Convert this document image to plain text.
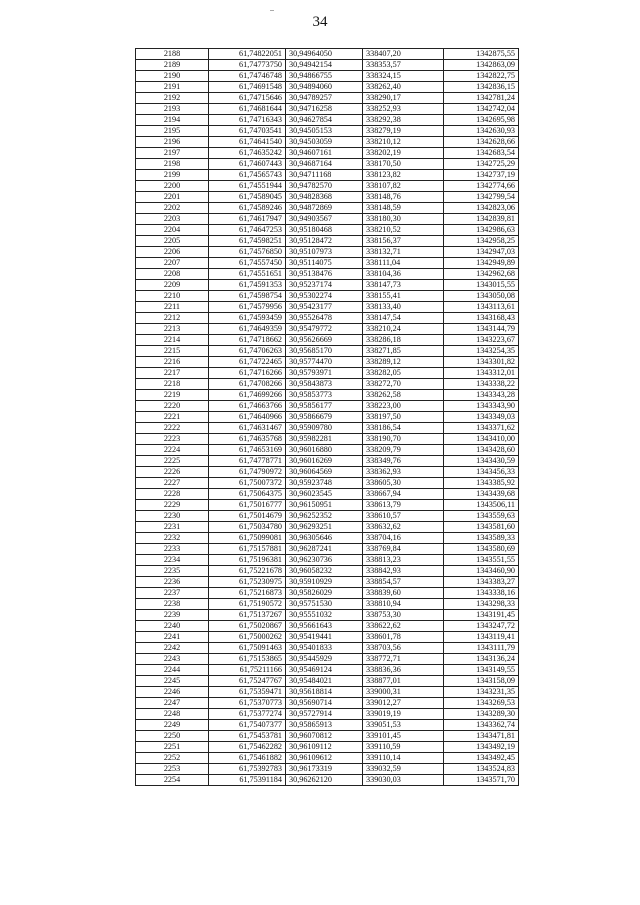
34
2188	61,74822051	30,94964050	338407,20	1342875,55
2189	61,74773750	30,94942154	338353,57	1342863,09
2190	61,74746748	30,94866755	338324,15	1342822,75
2191	61,74691548	30,94894060	338262,40	1342836,15
2192	61,74715646	30,94789257	338290,17	1342781,24
2193	61,74681644	30,94716258	338252,93	1342742,04
2194	61,74716343	30,94627854	338292,38	1342695,98
2195	61,74703541	30,94505153	338279,19	1342630,93
2196	61,74641540	30,94503059	338210,12	1342628,66
2197	61,74635242	30,94607161	338202,19	1342683,54
2198	61,74607443	30,94687164	338170,50	1342725,29
2199	61,74565743	30,94711168	338123,82	1342737,19
2200	61,74551944	30,94782570	338107,82	1342774,66
2201	61,74589045	30,94828368	338148,76	1342799,54
2202	61,74589246	30,94872869	338148,59	1342823,06
2203	61,74617947	30,94903567	338180,30	1342839,81
2204	61,74647253	30,95180468	338210,52	1342986,63
2205	61,74598251	30,95128472	338156,37	1342958,25
2206	61,74576850	30,95107973	338132,71	1342947,03
2207	61,74557450	30,95114075	338111,04	1342949,89
2208	61,74551651	30,95138476	338104,36	1342962,68
2209	61,74591353	30,95237174	338147,73	1343015,55
2210	61,74598754	30,95302274	338155,41	1343050,08
2211	61,74579956	30,95423177	338133,40	1343113,61
2212	61,74593459	30,95526478	338147,54	1343168,43
2213	61,74649359	30,95479772	338210,24	1343144,79
2214	61,74718662	30,95626669	338286,18	1343223,67
2215	61,74706263	30,95685170	338271,85	1343254,35
2216	61,74722465	30,95774470	338289,12	1343301,82
2217	61,74716266	30,95793971	338282,05	1343312,01
2218	61,74708266	30,95843873	338272,70	1343338,22
2219	61,74699266	30,95853773	338262,58	1343343,28
2220	61,74663766	30,95856177	338223,00	1343343,90
2221	61,74640966	30,95866679	338197,50	1343349,03
2222	61,74631467	30,95909780	338186,54	1343371,62
2223	61,74635768	30,95982281	338190,70	1343410,00
2224	61,74653169	30,96016880	338209,79	1343428,60
2225	61,74778771	30,96016269	338349,76	1343430,59
2226	61,74790972	30,96064569	338362,93	1343456,33
2227	61,75007372	30,95923748	338605,30	1343385,92
2228	61,75064375	30,96023545	338667,94	1343439,68
2229	61,75016777	30,96150951	338613,79	1343506,11
2230	61,75014679	30,96252352	338610,57	1343559,63
2231	61,75034780	30,96293251	338632,62	1343581,60
2232	61,75099081	30,96305646	338704,16	1343589,33
2233	61,75157881	30,96287241	338769,84	1343580,69
2234	61,75196381	30,96230736	338813,23	1343551,55
2235	61,75221678	30,96058232	338842,93	1343460,90
2236	61,75230975	30,95910929	338854,57	1343383,27
2237	61,75216873	30,95826029	338839,60	1343338,16
2238	61,75190572	30,95751530	338810,94	1343298,33
2239	61,75137267	30,95551032	338753,30	1343191,45
2240	61,75020867	30,95661643	338622,62	1343247,72
2241	61,75000262	30,95419441	338601,78	1343119,41
2242	61,75091463	30,95401833	338703,56	1343111,79
2243	61,75153865	30,95445929	338772,71	1343136,24
2244	61,75211166	30,95469124	338836,36	1343149,55
2245	61,75247767	30,95484021	338877,01	1343158,09
2246	61,75359471	30,95618814	339000,31	1343231,35
2247	61,75370773	30,95690714	339012,27	1343269,53
2248	61,75377274	30,95727914	339019,19	1343289,30
2249	61,75407377	30,95865913	339051,53	1343362,74
2250	61,75453781	30,96070812	339101,45	1343471,81
2251	61,75462282	30,96109112	339110,59	1343492,19
2252	61,75461882	30,96109612	339110,14	1343492,45
2253	61,75392783	30,96173319	339032,59	1343524,83
2254	61,75391184	30,96262120	339030,03	1343571,70
